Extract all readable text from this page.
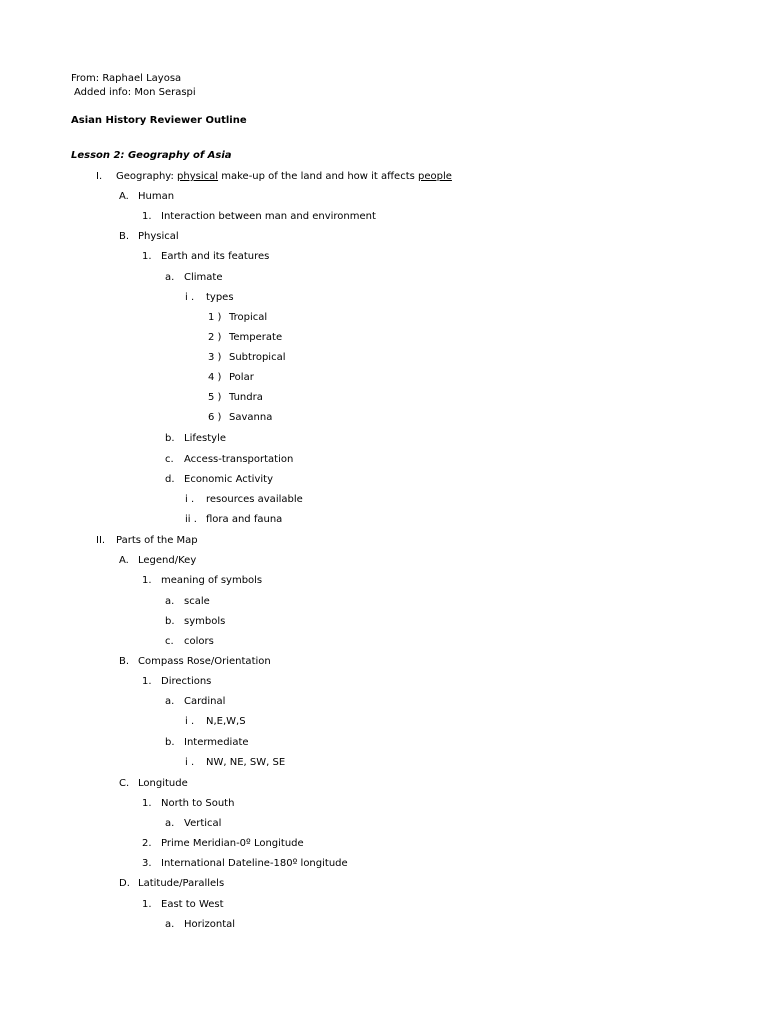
From: Raphael Layosa
Added info: Mon Seraspi
Asian History Reviewer Outline
Lesson 2: Geography of Asia
I. Geography: physical make-up of the land and how it affects people
A. Human
1. Interaction between man and environment
B. Physical
1. Earth and its features
a. Climate
i . types
1 ) Tropical
2 ) Temperate
3 ) Subtropical
4 ) Polar
5 ) Tundra
6 ) Savanna
b. Lifestyle
c. Access-transportation
d. Economic Activity
i . resources available
ii . flora and fauna
II. Parts of the Map
A. Legend/Key
1. meaning of symbols
a. scale
b. symbols
c. colors
B. Compass Rose/Orientation
1. Directions
a. Cardinal
i . N,E,W,S
b. Intermediate
i . NW, NE, SW, SE
C. Longitude
1. North to South
a. Vertical
2. Prime Meridian-0º Longitude
3. International Dateline-180º longitude
D. Latitude/Parallels
1. East to West
a. Horizontal
